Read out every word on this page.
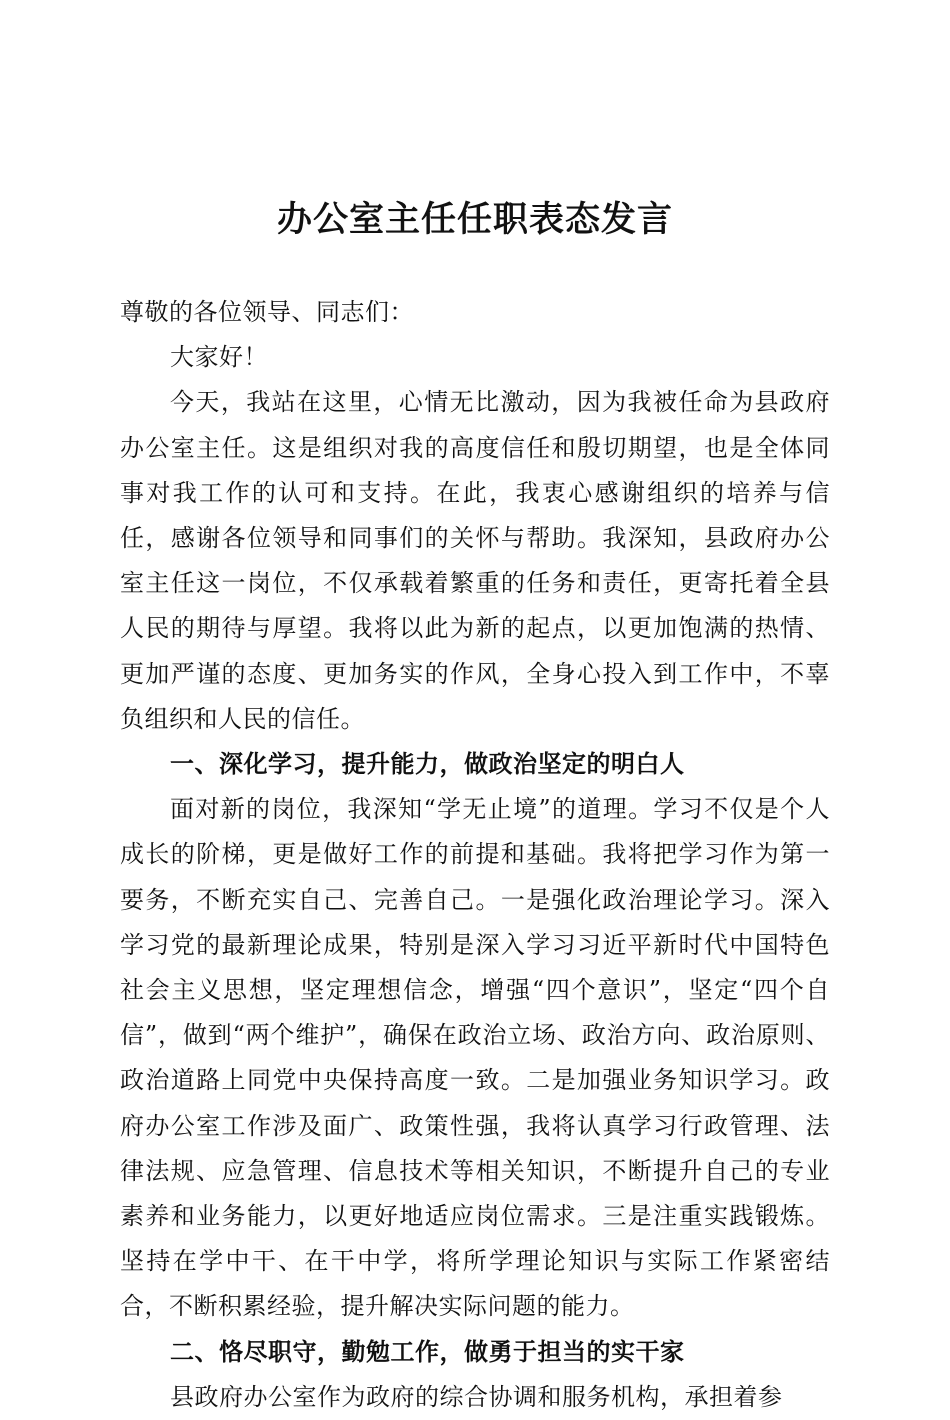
办公室主任任职表态发言

尊敬的各位领导、同志们：

大家好！

今天，我站在这里，心情无比激动，因为我被任命为县政府办公室主任。这是组织对我的高度信任和殷切期望，也是全体同事对我工作的认可和支持。在此，我衷心感谢组织的培养与信任，感谢各位领导和同事们的关怀与帮助。我深知，县政府办公室主任这一岗位，不仅承载着繁重的任务和责任，更寄托着全县人民的期待与厚望。我将以此为新的起点，以更加饱满的热情、更加严谨的态度、更加务实的作风，全身心投入到工作中，不辜负组织和人民的信任。

一、深化学习，提升能力，做政治坚定的明白人

面对新的岗位，我深知“学无止境”的道理。学习不仅是个人成长的阶梯，更是做好工作的前提和基础。我将把学习作为第一要务，不断充实自己、完善自己。一是强化政治理论学习。深入学习党的最新理论成果，特别是深入学习习近平新时代中国特色社会主义思想，坚定理想信念，增强“四个意识”，坚定“四个自信”，做到“两个维护”，确保在政治立场、政治方向、政治原则、政治道路上同党中央保持高度一致。二是加强业务知识学习。政府办公室工作涉及面广、政策性强，我将认真学习行政管理、法律法规、应急管理、信息技术等相关知识，不断提升自己的专业素养和业务能力，以更好地适应岗位需求。三是注重实践锻炼。坚持在学中干、在干中学，将所学理论知识与实际工作紧密结合，不断积累经验，提升解决实际问题的能力。

二、恪尽职守，勤勉工作，做勇于担当的实干家

县政府办公室作为政府的综合协调和服务机构，承担着参
